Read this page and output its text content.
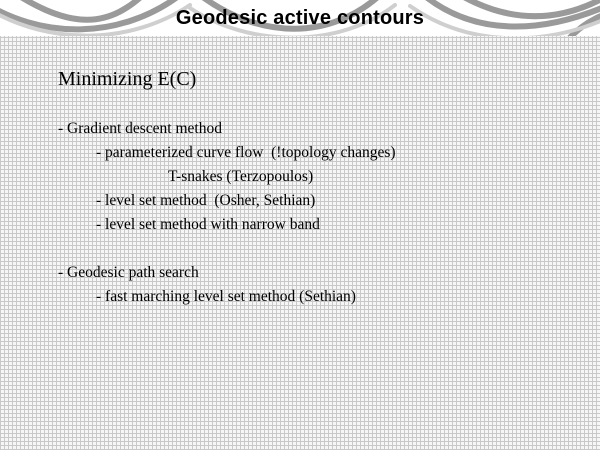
Geodesic active contours
Minimizing E(C)
- Gradient descent method
- parameterized curve flow  (!topology changes)
T-snakes (Terzopoulos)
- level set method  (Osher, Sethian)
- level set method with narrow band
- Geodesic path search
- fast marching level set method (Sethian)
